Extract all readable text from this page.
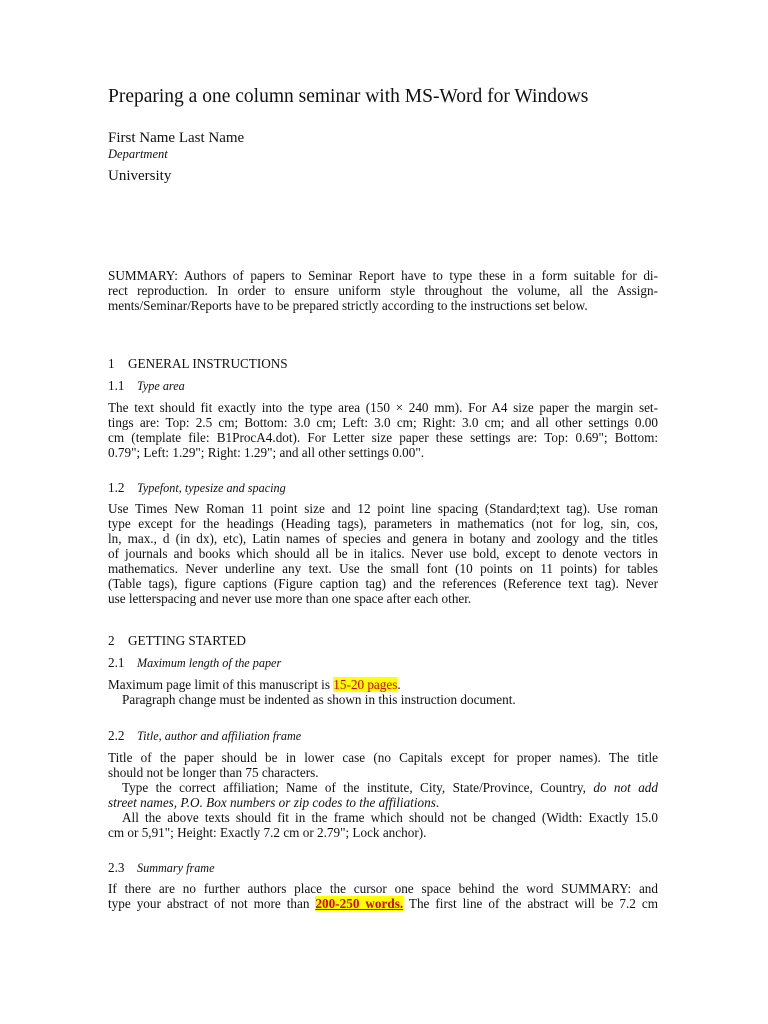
Preparing a one column seminar with MS-Word for Windows
First Name Last Name
Department
University
SUMMARY: Authors of papers to Seminar Report have to type these in a form suitable for di-
rect reproduction. In order to ensure uniform style throughout the volume, all the Assign-
ments/Seminar/Reports have to be prepared strictly according to the instructions set below.
1 GENERAL INSTRUCTIONS
1.1 Type area
The text should fit exactly into the type area (150 × 240 mm). For A4 size paper the margin set-
tings are: Top: 2.5 cm; Bottom: 3.0 cm; Left: 3.0 cm; Right: 3.0 cm; and all other settings 0.00
cm (template file: B1ProcA4.dot). For Letter size paper these settings are: Top: 0.69"; Bottom:
0.79"; Left: 1.29"; Right: 1.29"; and all other settings 0.00".
1.2 Typefont, typesize and spacing
Use Times New Roman 11 point size and 12 point line spacing (Standard;text tag). Use roman
type except for the headings (Heading tags), parameters in mathematics (not for log, sin, cos,
ln, max., d (in dx), etc), Latin names of species and genera in botany and zoology and the titles
of journals and books which should all be in italics. Never use bold, except to denote vectors in
mathematics. Never underline any text. Use the small font (10 points on 11 points) for tables
(Table tags), figure captions (Figure caption tag) and the references (Reference text tag). Never
use letterspacing and never use more than one space after each other.
2 GETTING STARTED
2.1 Maximum length of the paper
Maximum page limit of this manuscript is 15-20 pages.
Paragraph change must be indented as shown in this instruction document.
2.2 Title, author and affiliation frame
Title of the paper should be in lower case (no Capitals except for proper names). The title
should not be longer than 75 characters.
Type the correct affiliation; Name of the institute, City, State/Province, Country, do not add
street names, P.O. Box numbers or zip codes to the affiliations.
All the above texts should fit in the frame which should not be changed (Width: Exactly 15.0
cm or 5,91"; Height: Exactly 7.2 cm or 2.79"; Lock anchor).
2.3 Summary frame
If there are no further authors place the cursor one space behind the word SUMMARY: and
type your abstract of not more than 200-250 words. The first line of the abstract will be 7.2 cm
